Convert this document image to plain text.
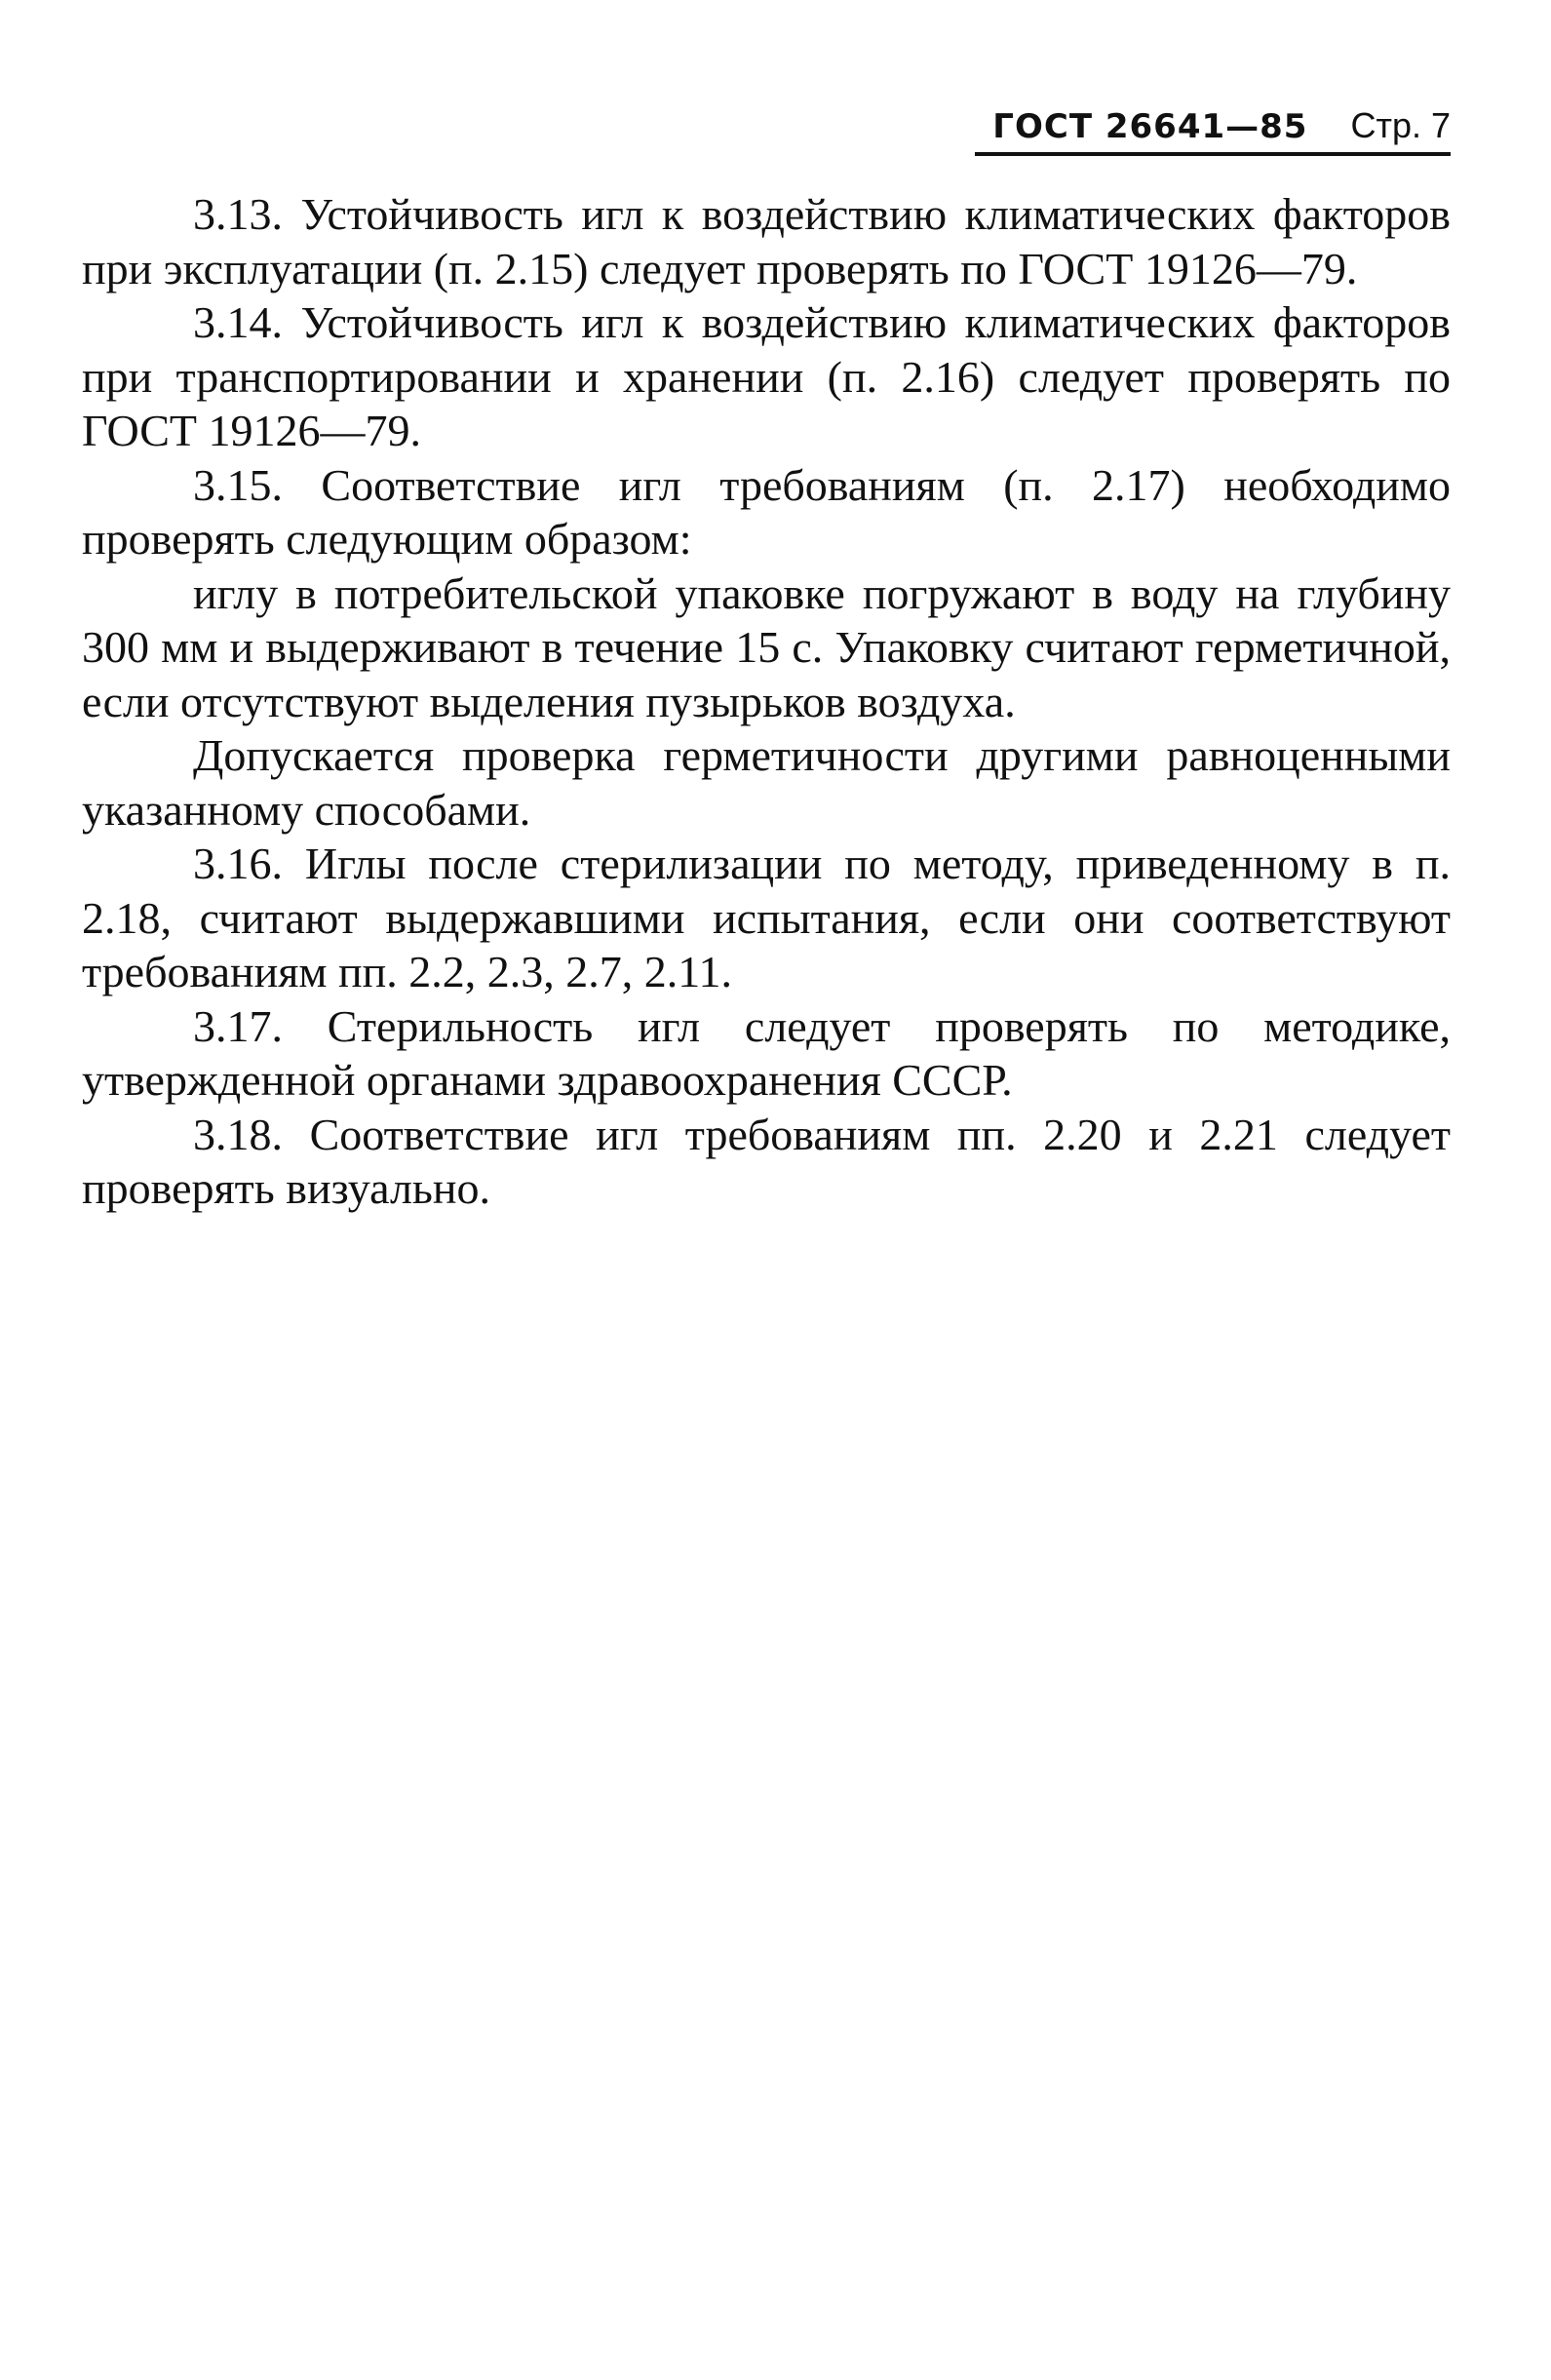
ГОСТ 26641—85 Стр. 7

3.13. Устойчивость игл к воздействию климатических факторов при эксплуатации (п. 2.15) следует проверять по ГОСТ 19126—79.

3.14. Устойчивость игл к воздействию климатических факторов при транспортировании и хранении (п. 2.16) следует проверять по ГОСТ 19126—79.

3.15. Соответствие игл требованиям (п. 2.17) необходимо проверять следующим образом:

иглу в потребительской упаковке погружают в воду на глубину 300 мм и выдерживают в течение 15 с. Упаковку считают герметичной, если отсутствуют выделения пузырьков воздуха.

Допускается проверка герметичности другими равноценными указанному способами.

3.16. Иглы после стерилизации по методу, приведенному в п. 2.18, считают выдержавшими испытания, если они соответствуют требованиям пп. 2.2, 2.3, 2.7, 2.11.

3.17. Стерильность игл следует проверять по методике, утвержденной органами здравоохранения СССР.

3.18. Соответствие игл требованиям пп. 2.20 и 2.21 следует проверять визуально.
